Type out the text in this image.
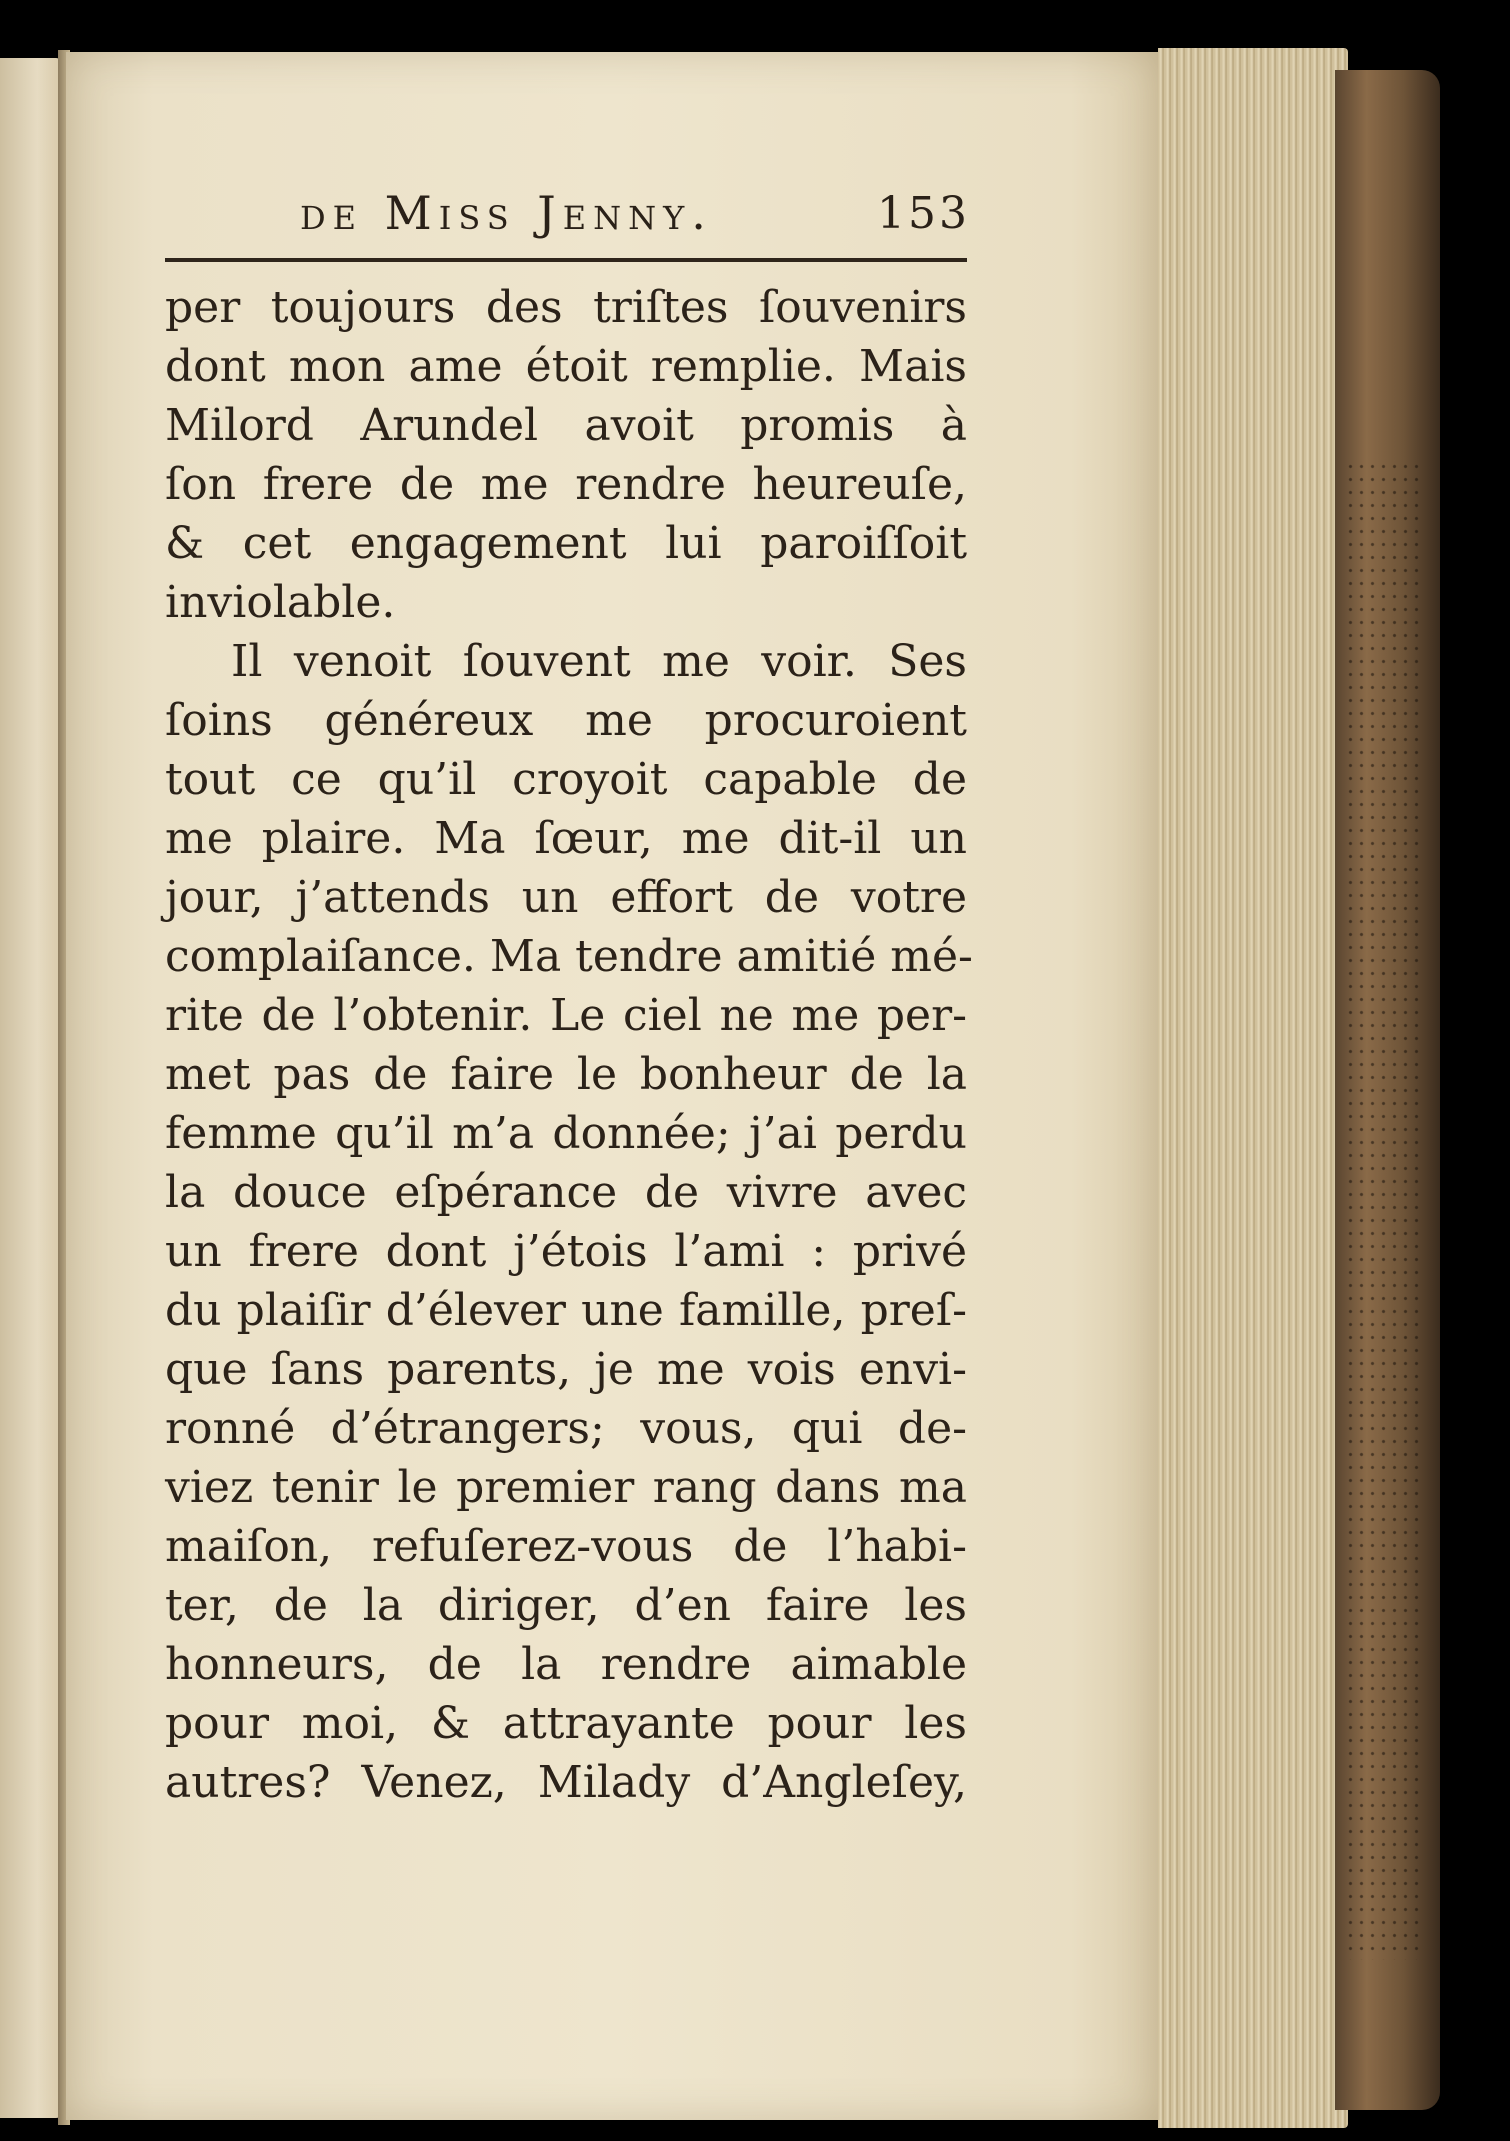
de Miss Jenny.	153
per toujours des triſtes ſouvenirs
dont mon ame étoit remplie. Mais
Milord Arundel avoit promis à
ſon frere de me rendre heureuſe,
& cet engagement lui paroiſſoit
inviolable.
Il venoit ſouvent me voir. Ses
ſoins généreux me procuroient
tout ce qu’il croyoit capable de
me plaire. Ma ſœur, me dit-il un
jour, j’attends un effort de votre
complaiſance. Ma tendre amitié mé-
rite de l’obtenir. Le ciel ne me per-
met pas de faire le bonheur de la
femme qu’il m’a donnée; j’ai perdu
la douce eſpérance de vivre avec
un frere dont j’étois l’ami : privé
du plaiſir d’élever une famille, preſ-
que ſans parents, je me vois envi-
ronné d’étrangers; vous, qui de-
viez tenir le premier rang dans ma
maiſon, refuſerez-vous de l’habi-
ter, de la diriger, d’en faire les
honneurs, de la rendre aimable
pour moi, & attrayante pour les
autres? Venez, Milady d’Angleſey,
